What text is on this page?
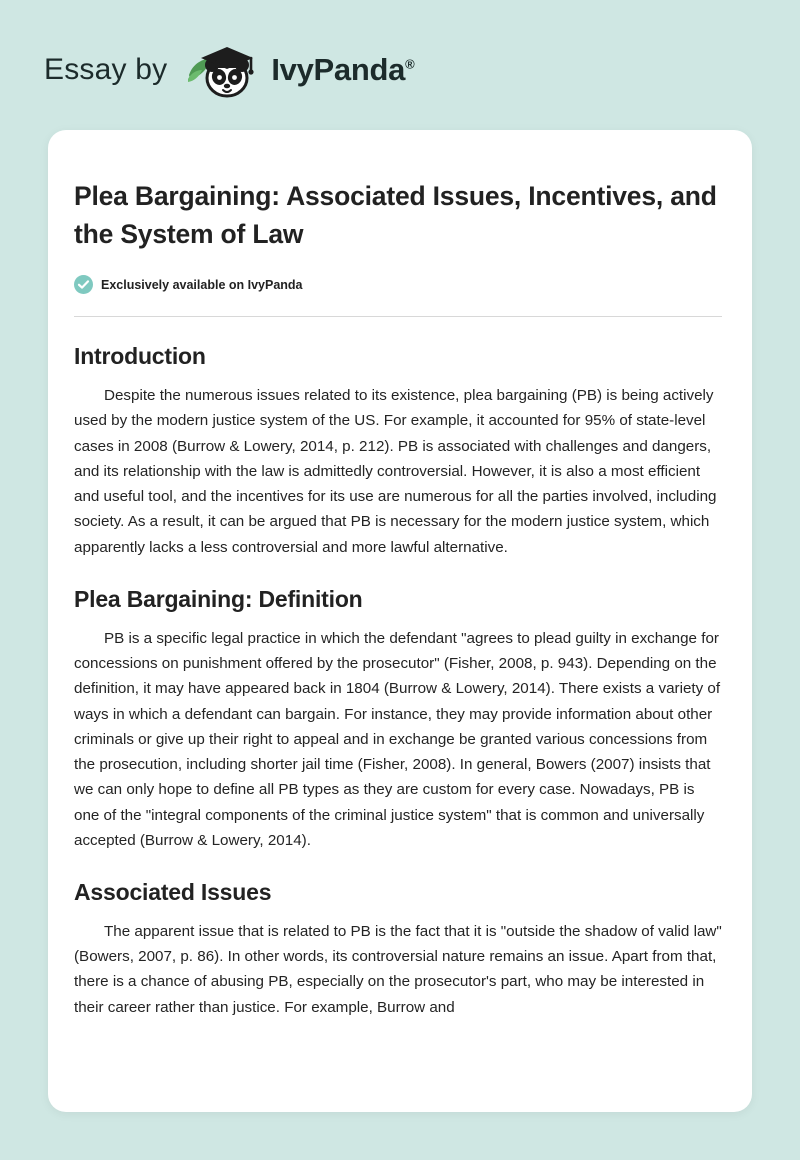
Essay by	IvyPanda®
Plea Bargaining: Associated Issues, Incentives, and the System of Law
Exclusively available on IvyPanda
Introduction

Despite the numerous issues related to its existence, plea bargaining (PB) is being actively used by the modern justice system of the US. For example, it accounted for 95% of state-level cases in 2008 (Burrow & Lowery, 2014, p. 212). PB is associated with challenges and dangers, and its relationship with the law is admittedly controversial. However, it is also a most efficient and useful tool, and the incentives for its use are numerous for all the parties involved, including society. As a result, it can be argued that PB is necessary for the modern justice system, which apparently lacks a less controversial and more lawful alternative.

Plea Bargaining: Definition

PB is a specific legal practice in which the defendant "agrees to plead guilty in exchange for concessions on punishment offered by the prosecutor" (Fisher, 2008, p. 943). Depending on the definition, it may have appeared back in 1804 (Burrow & Lowery, 2014). There exists a variety of ways in which a defendant can bargain. For instance, they may provide information about other criminals or give up their right to appeal and in exchange be granted various concessions from the prosecution, including shorter jail time (Fisher, 2008). In general, Bowers (2007) insists that we can only hope to define all PB types as they are custom for every case. Nowadays, PB is one of the "integral components of the criminal justice system" that is common and universally accepted (Burrow & Lowery, 2014).

Associated Issues

The apparent issue that is related to PB is the fact that it is "outside the shadow of valid law" (Bowers, 2007, p. 86). In other words, its controversial nature remains an issue. Apart from that, there is a chance of abusing PB, especially on the prosecutor's part, who may be interested in their career rather than justice. For example, Burrow and
